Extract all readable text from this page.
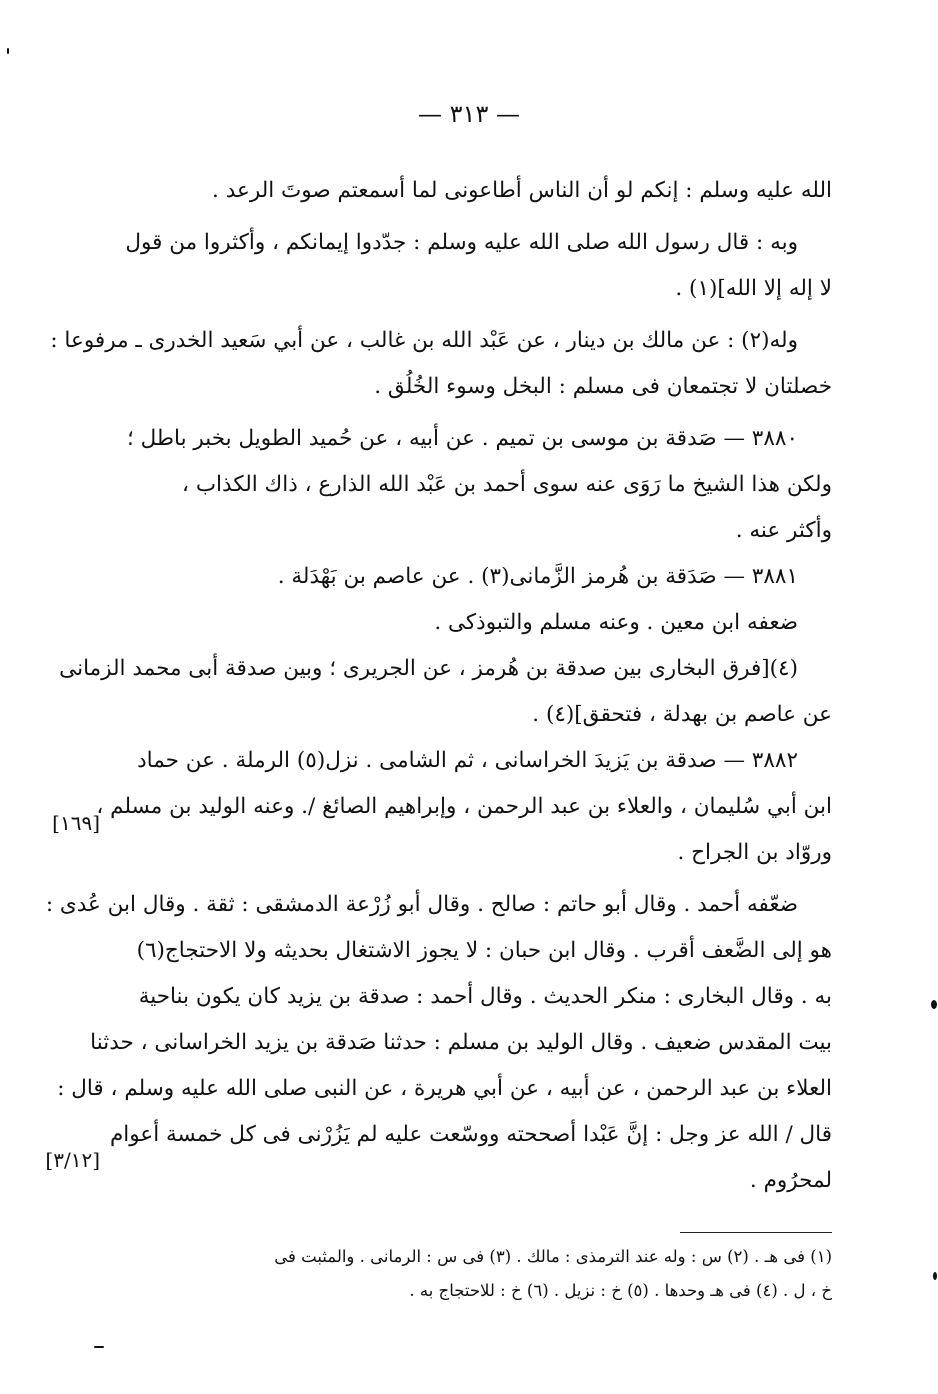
— ٣١٣ —
الله عليه وسلم : إنكم لو أن الناس أطاعونى لما أسمعتم صوتَ الرعد .
وبه : قال رسول الله صلى الله عليه وسلم : جدّدوا إيمانكم ، وأكثروا من قول
لا إله إلا الله](١) .
وله(٢) : عن مالك بن دينار ، عن عَبْد الله بن غالب ، عن أبي سَعيد الخدرى ـ مرفوعا :
خصلتان لا تجتمعان فى مسلم : البخل وسوء الخُلُق .
٣٨٨٠ — صَدقة بن موسى بن تميم . عن أبيه ، عن حُميد الطويل بخبر باطل ؛
ولكن هذا الشيخ ما رَوَى عنه سوى أحمد بن عَبْد الله الذارع ، ذاك الكذاب ،
وأكثر عنه .
٣٨٨١ — صَدَقة بن هُرمز الزَّمانى(٣) . عن عاصم بن بَهْدَلة .
ضعفه ابن معين . وعنه مسلم والتبوذكى .
(٤)[فرق البخارى بين صدقة بن هُرمز ، عن الجريرى ؛ وبين صدقة أبى محمد الزمانى
عن عاصم بن بهدلة ، فتحقق](٤) .
٣٨٨٢ — صدقة بن يَزيدَ الخراسانى ، ثم الشامى . نزل(٥) الرملة . عن حماد
ابن أبي سُليمان ، والعلاء بن عبد الرحمن ، وإبراهيم الصائغ /. وعنه الوليد بن مسلم ،
وروّاد بن الجراح .
ضعّفه أحمد . وقال أبو حاتم : صالح . وقال أبو زُرْعة الدمشقى : ثقة . وقال ابن عُدى :
هو إلى الضَّعف أقرب . وقال ابن حبان : لا يجوز الاشتغال بحديثه ولا الاحتجاج(٦)
به . وقال البخارى : منكر الحديث . وقال أحمد : صدقة بن يزيد كان يكون بناحية
بيت المقدس ضعيف . وقال الوليد بن مسلم : حدثنا صَدقة بن يزيد الخراسانى ، حدثنا
العلاء بن عبد الرحمن ، عن أبيه ، عن أبي هريرة ، عن النبى صلى الله عليه وسلم ، قال :
قال / الله عز وجل : إنَّ عَبْدا أصححته ووسّعت عليه لم يَزُرْنى فى كل خمسة أعوام
لمحرُوم .
[١٦٩]
[٣/١٢]
(١) فى هـ . (٢) س : وله عند الترمذى : مالك . (٣) فى س : الرمانى . والمثبت فى
خ ، ل . (٤) فى هـ وحدها . (٥) خ : نزيل . (٦) خ : للاحتجاج به .
